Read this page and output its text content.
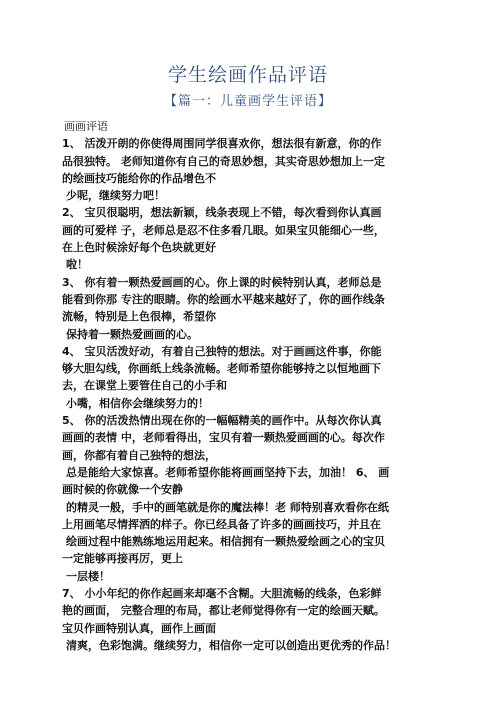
学生绘画作品评语
【篇一：儿童画学生评语】
画画评语
1、 活泼开朗的你使得周围同学很喜欢你，想法很有新意，你的作
品很独特。 老师知道你有自己的奇思妙想，其实奇思妙想加上一定
的绘画技巧能给你的作品增色不
少呢，继续努力吧！
2、 宝贝很聪明，想法新颖，线条表现上不错，每次看到你认真画
画的可爱样 子，老师总是忍不住多看几眼。如果宝贝能细心一些，
在上色时候涂好每个色块就更好
啦！
3、 你有着一颗热爱画画的心。你上课的时候特别认真，老师总是
能看到你那 专注的眼睛。你的绘画水平越来越好了，你的画作线条
流畅，特别是上色很棒，希望你
保持着一颗热爱画画的心。
4、 宝贝活泼好动，有着自己独特的想法。对于画画这件事，你能
够大胆勾线，你画纸上线条流畅。老师希望你能够持之以恒地画下
去，在课堂上要管住自己的小手和
小嘴，相信你会继续努力的！
5、 你的活泼热情出现在你的一幅幅精美的画作中。从每次你认真
画画的表情 中，老师看得出，宝贝有着一颗热爱画画的心。每次作
画，你都有着自己独特的想法，
总是能给大家惊喜。老师希望你能将画画坚持下去，加油！ 6、 画
画时候的你就像一个安静
的精灵一般，手中的画笔就是你的魔法棒！老 师特别喜欢看你在纸
上用画笔尽情挥洒的样子。你已经具备了许多的画画技巧，并且在
绘画过程中能熟练地运用起来。相信拥有一颗热爱绘画之心的宝贝
一定能够再接再厉，更上
一层楼！
7、 小小年纪的你作起画来却毫不含糊。大胆流畅的线条，色彩鲜
艳的画面， 完整合理的布局，都让老师觉得你有一定的绘画天赋。
宝贝作画特别认真，画作上画面
清爽，色彩饱满。继续努力，相信你一定可以创造出更优秀的作品！
